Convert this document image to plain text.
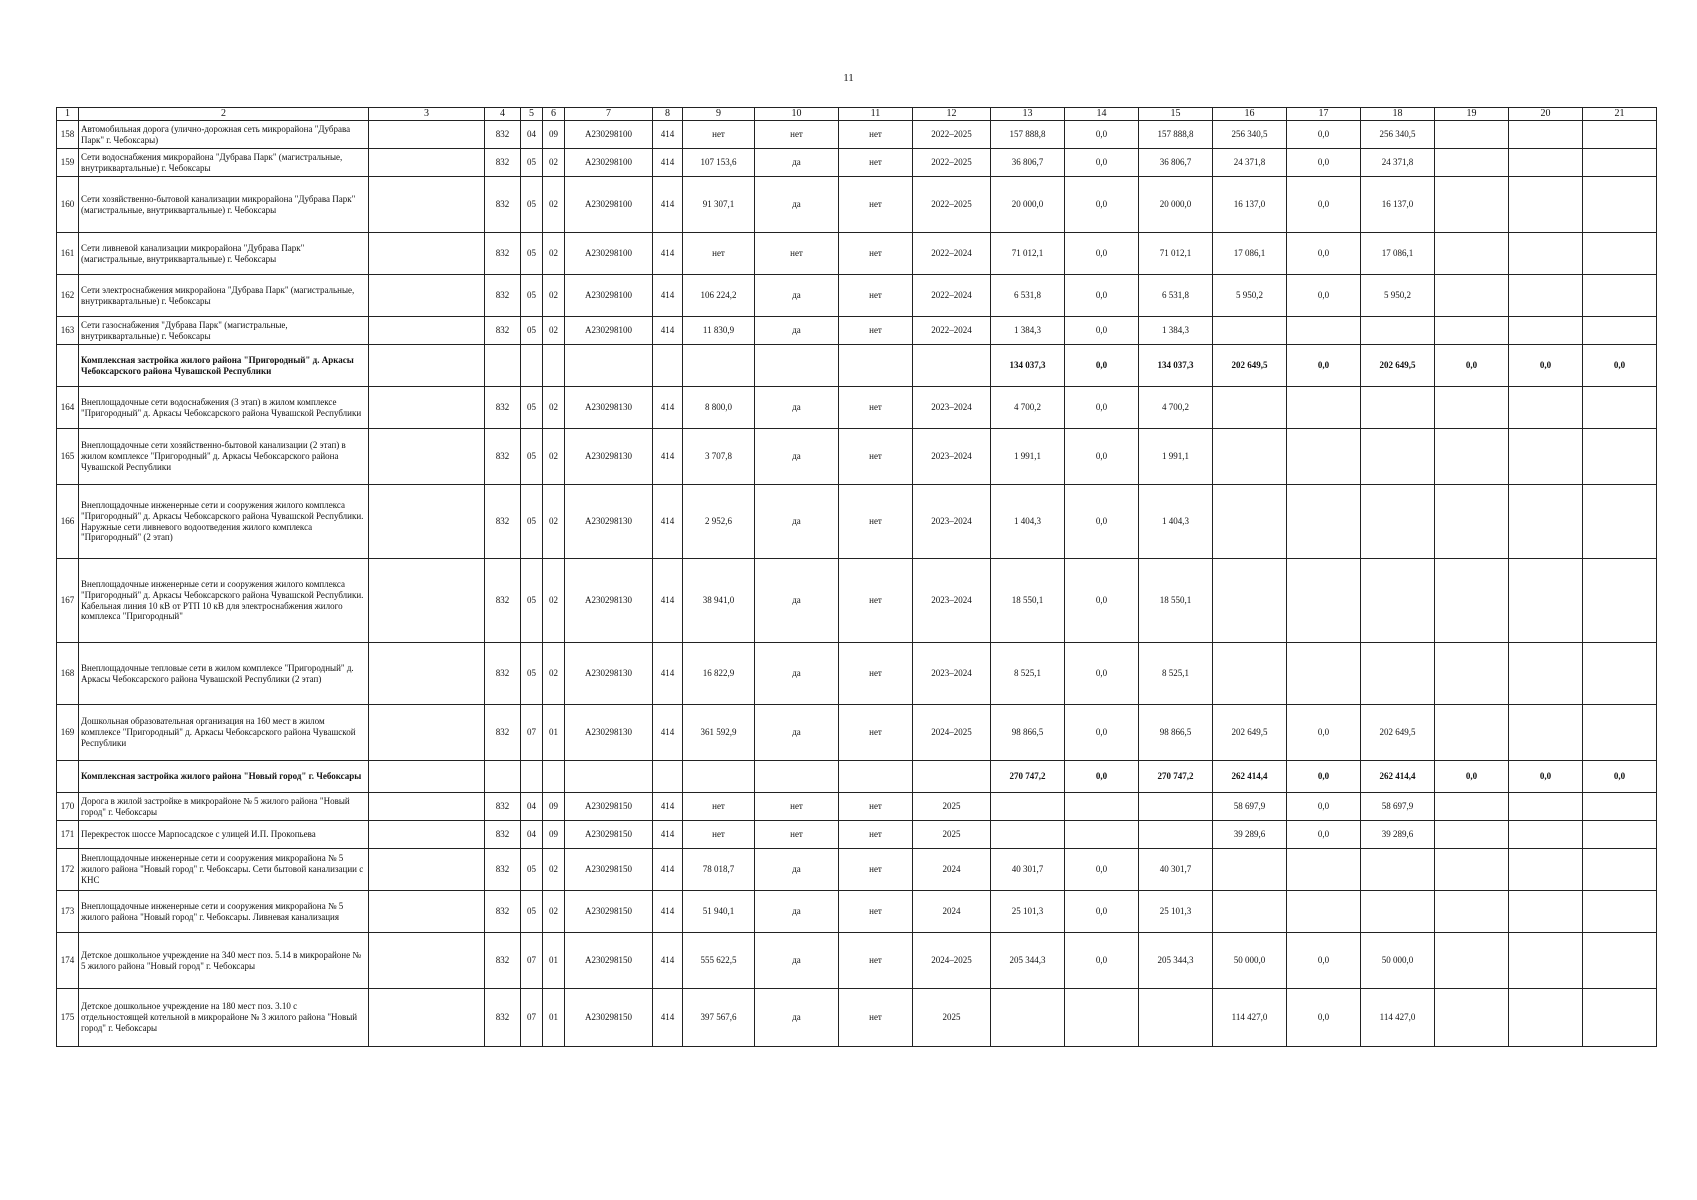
11
1	2	3	4	5	6	7	8	9	10	11	12	13	14	15	16	17	18	19	20	21
158	Автомобильная дорога (улично-дорожная сеть микрорайона "Дубрава Парк" г. Чебоксары)		832	04	09	А230298100	414	нет	нет	нет	2022–2025	157 888,8	0,0	157 888,8	256 340,5	0,0	256 340,5			
159	Сети водоснабжения микрорайона "Дубрава Парк" (магистральные, внутриквартальные) г. Чебоксары		832	05	02	А230298100	414	107 153,6	да	нет	2022–2025	36 806,7	0,0	36 806,7	24 371,8	0,0	24 371,8			
160	Сети хозяйственно-бытовой канализации микрорайона "Дубрава Парк" (магистральные, внутриквартальные) г. Чебоксары		832	05	02	А230298100	414	91 307,1	да	нет	2022–2025	20 000,0	0,0	20 000,0	16 137,0	0,0	16 137,0			
161	Сети ливневой канализации микрорайона "Дубрава Парк" (магистральные, внутриквартальные) г. Чебоксары		832	05	02	А230298100	414	нет	нет	нет	2022–2024	71 012,1	0,0	71 012,1	17 086,1	0,0	17 086,1			
162	Сети электроснабжения микрорайона "Дубрава Парк" (магистральные, внутриквартальные) г. Чебоксары		832	05	02	А230298100	414	106 224,2	да	нет	2022–2024	6 531,8	0,0	6 531,8	5 950,2	0,0	5 950,2			
163	Сети газоснабжения "Дубрава Парк" (магистральные, внутриквартальные) г. Чебоксары		832	05	02	А230298100	414	11 830,9	да	нет	2022–2024	1 384,3	0,0	1 384,3						
	Комплексная застройка жилого района "Пригородный" д. Аркасы Чебоксарского района Чувашской Республики											134 037,3	0,0	134 037,3	202 649,5	0,0	202 649,5	0,0	0,0	0,0
164	Внеплощадочные сети водоснабжения (3 этап) в жилом комплексе "Пригородный" д. Аркасы Чебоксарского района Чувашской Республики		832	05	02	А230298130	414	8 800,0	да	нет	2023–2024	4 700,2	0,0	4 700,2						
165	Внеплощадочные сети хозяйственно-бытовой канализации (2 этап) в жилом комплексе "Пригородный" д. Аркасы Чебоксарского района Чувашской Республики		832	05	02	А230298130	414	3 707,8	да	нет	2023–2024	1 991,1	0,0	1 991,1						
166	Внеплощадочные инженерные сети и сооружения жилого комплекса "Пригородный" д. Аркасы Чебоксарского района Чувашской Республики. Наружные сети ливневого водоотведения жилого комплекса "Пригородный" (2 этап)		832	05	02	А230298130	414	2 952,6	да	нет	2023–2024	1 404,3	0,0	1 404,3						
167	Внеплощадочные инженерные сети и сооружения жилого комплекса "Пригородный" д. Аркасы Чебоксарского района Чувашской Республики. Кабельная линия 10 кВ от РТП 10 кВ для электроснабжения жилого комплекса "Пригородный"		832	05	02	А230298130	414	38 941,0	да	нет	2023–2024	18 550,1	0,0	18 550,1						
168	Внеплощадочные тепловые сети в жилом комплексе "Пригородный" д. Аркасы Чебоксарского района Чувашской Республики (2 этап)		832	05	02	А230298130	414	16 822,9	да	нет	2023–2024	8 525,1	0,0	8 525,1						
169	Дошкольная образовательная организация на 160 мест в жилом комплексе "Пригородный" д. Аркасы Чебоксарского района Чувашской Республики		832	07	01	А230298130	414	361 592,9	да	нет	2024–2025	98 866,5	0,0	98 866,5	202 649,5	0,0	202 649,5			
	Комплексная застройка жилого района "Новый город" г. Чебоксары											270 747,2	0,0	270 747,2	262 414,4	0,0	262 414,4	0,0	0,0	0,0
170	Дорога в жилой застройке в микрорайоне № 5 жилого района "Новый город" г. Чебоксары		832	04	09	А230298150	414	нет	нет	нет	2025				58 697,9	0,0	58 697,9			
171	Перекресток шоссе Марпосадское с улицей И.П. Прокопьева		832	04	09	А230298150	414	нет	нет	нет	2025				39 289,6	0,0	39 289,6			
172	Внеплощадочные инженерные сети и сооружения микрорайона № 5 жилого района "Новый город" г. Чебоксары. Сети бытовой канализации с КНС		832	05	02	А230298150	414	78 018,7	да	нет	2024	40 301,7	0,0	40 301,7						
173	Внеплощадочные инженерные сети и сооружения микрорайона № 5 жилого района "Новый город" г. Чебоксары. Ливневая канализация		832	05	02	А230298150	414	51 940,1	да	нет	2024	25 101,3	0,0	25 101,3						
174	Детское дошкольное учреждение на 340 мест поз. 5.14 в микрорайоне № 5 жилого района "Новый город" г. Чебоксары		832	07	01	А230298150	414	555 622,5	да	нет	2024–2025	205 344,3	0,0	205 344,3	50 000,0	0,0	50 000,0			
175	Детское дошкольное учреждение на 180 мест поз. 3.10 с отдельностоящей котельной в микрорайоне № 3 жилого района "Новый город" г. Чебоксары		832	07	01	А230298150	414	397 567,6	да	нет	2025				114 427,0	0,0	114 427,0			
